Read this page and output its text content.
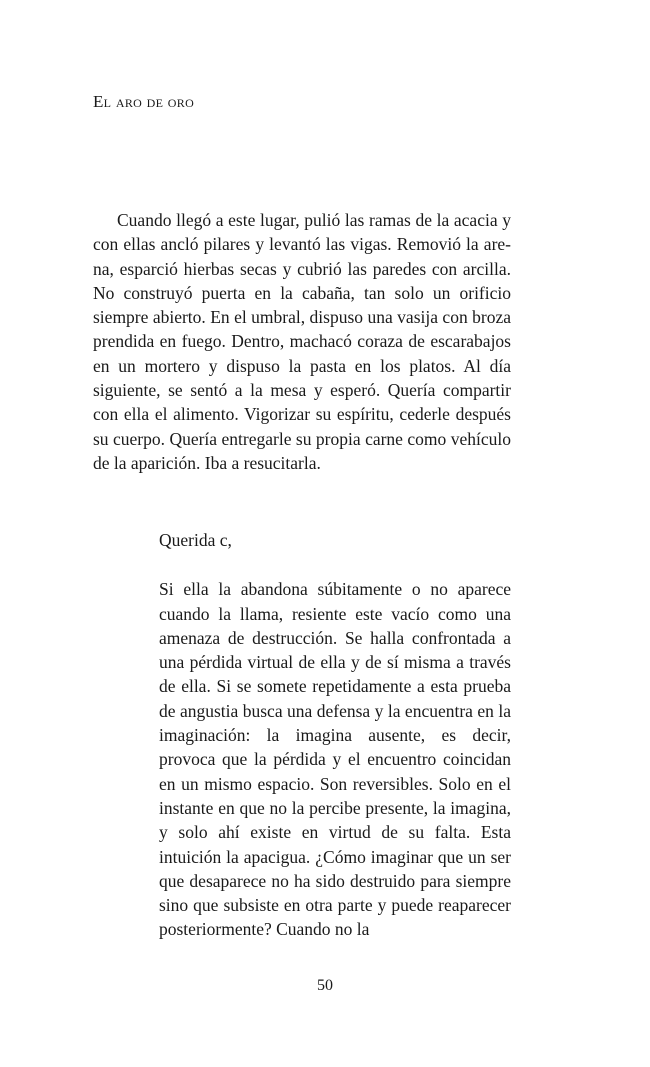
El aro de oro

Cuando llegó a este lugar, pulió las ramas de la acacia y con ellas ancló pilares y levantó las vigas. Removió la arena, esparció hierbas secas y cubrió las paredes con arcilla. No construyó puerta en la cabaña, tan solo un orificio siempre abierto. En el umbral, dispuso una vasija con broza prendida en fuego. Dentro, machacó coraza de escarabajos en un mortero y dispuso la pasta en los platos. Al día siguiente, se sentó a la mesa y esperó. Quería compartir con ella el alimento. Vigorizar su espíritu, cederle después su cuerpo. Quería entregarle su propia carne como vehículo de la aparición. Iba a resucitarla.

Querida c,

Si ella la abandona súbitamente o no aparece cuando la llama, resiente este vacío como una amenaza de destrucción. Se halla confrontada a una pérdida virtual de ella y de sí misma a través de ella. Si se somete repetidamente a esta prueba de angustia busca una defensa y la encuentra en la imaginación: la imagina ausente, es decir, provoca que la pérdida y el encuentro coincidan en un mismo espacio. Son reversibles. Solo en el instante en que no la percibe presente, la imagina, y solo ahí existe en virtud de su falta. Esta intuición la apacigua. ¿Cómo imaginar que un ser que desaparece no ha sido destruido para siempre sino que subsiste en otra parte y puede reaparecer posteriormente? Cuando no la

50
